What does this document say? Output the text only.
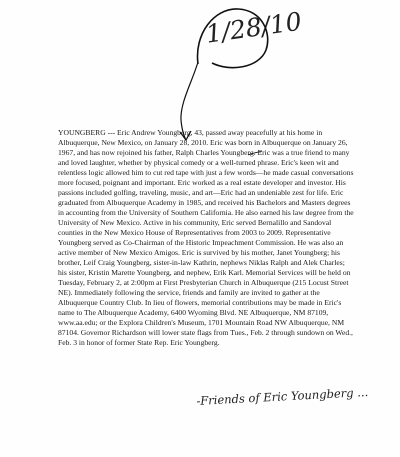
1/28/10
YOUNGBERG --- Eric Andrew Youngberg, 43, passed away peacefully at his home in
Albuquerque, New Mexico, on January 28, 2010. Eric was born in Albuquerque on January 26,
1967, and has now rejoined his father, Ralph Charles Youngberg. Eric was a true friend to many
and loved laughter, whether by physical comedy or a well-turned phrase. Eric's keen wit and
relentless logic allowed him to cut red tape with just a few words—he made casual conversations
more focused, poignant and important. Eric worked as a real estate developer and investor. His
passions included golfing, traveling, music, and art—Eric had an undeniable zest for life. Eric
graduated from Albuquerque Academy in 1985, and received his Bachelors and Masters degrees
in accounting from the University of Southern California. He also earned his law degree from the
University of New Mexico. Active in his community, Eric served Bernalillo and Sandoval
counties in the New Mexico House of Representatives from 2003 to 2009. Representative
Youngberg served as Co-Chairman of the Historic Impeachment Commission. He was also an
active member of New Mexico Amigos. Eric is survived by his mother, Janet Youngberg; his
brother, Leif Craig Youngberg, sister-in-law Kathrin, nephews Niklas Ralph and Alek Charles;
his sister, Kristin Marette Youngberg, and nephew, Erik Karl. Memorial Services will be held on
Tuesday, February 2, at 2:00pm at First Presbyterian Church in Albuquerque (215 Locust Street
NE). Immediately following the service, friends and family are invited to gather at the
Albuquerque Country Club. In lieu of flowers, memorial contributions may be made in Eric's
name to The Albuquerque Academy, 6400 Wyoming Blvd. NE Albuquerque, NM 87109,
www.aa.edu; or the Explora Children's Museum, 1701 Mountain Road NW Albuquerque, NM
87104. Governor Richardson will lower state flags from Tues., Feb. 2 through sundown on Wed.,
Feb. 3 in honor of former State Rep. Eric Youngberg.
-Friends of Eric Youngberg ...
